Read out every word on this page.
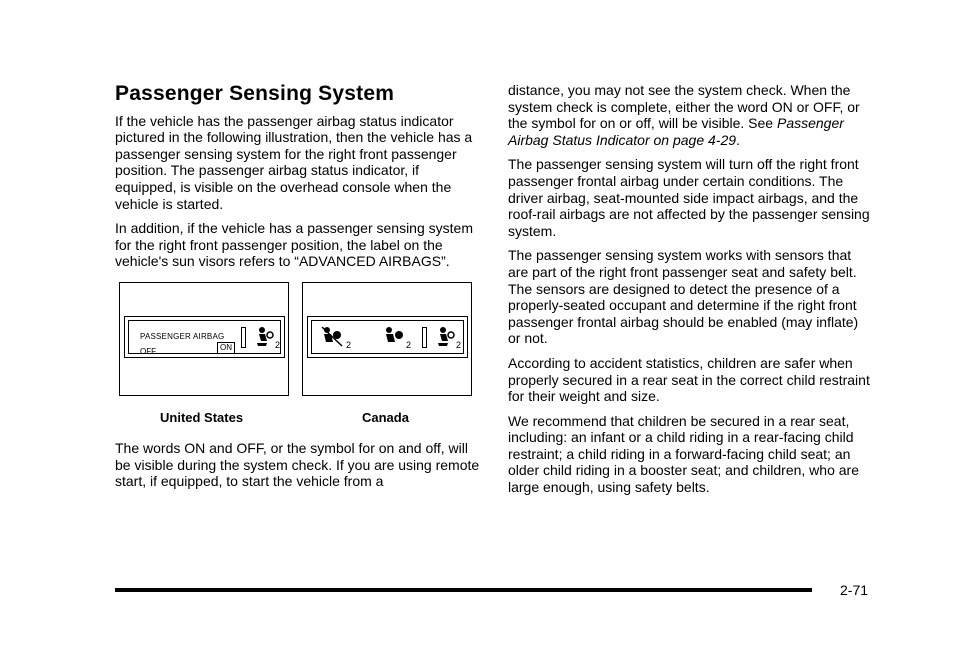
Passenger Sensing System

If the vehicle has the passenger airbag status indicator pictured in the following illustration, then the vehicle has a passenger sensing system for the right front passenger position. The passenger airbag status indicator, if equipped, is visible on the overhead console when the vehicle is started.

In addition, if the vehicle has a passenger sensing system for the right front passenger position, the label on the vehicle's sun visors refers to “ADVANCED AIRBAGS”.

PASSENGER AIRBAG
OFF	ON	2	2	2	2
United States	Canada

The words ON and OFF, or the symbol for on and off, will be visible during the system check. If you are using remote start, if equipped, to start the vehicle from a

distance, you may not see the system check. When the system check is complete, either the word ON or OFF, or the symbol for on or off, will be visible. See Passenger Airbag Status Indicator on page 4-29.

The passenger sensing system will turn off the right front passenger frontal airbag under certain conditions. The driver airbag, seat-mounted side impact airbags, and the roof-rail airbags are not affected by the passenger sensing system.

The passenger sensing system works with sensors that are part of the right front passenger seat and safety belt. The sensors are designed to detect the presence of a properly-seated occupant and determine if the right front passenger frontal airbag should be enabled (may inflate) or not.

According to accident statistics, children are safer when properly secured in a rear seat in the correct child restraint for their weight and size.

We recommend that children be secured in a rear seat, including: an infant or a child riding in a rear-facing child restraint; a child riding in a forward-facing child seat; an older child riding in a booster seat; and children, who are large enough, using safety belts.

2-71
